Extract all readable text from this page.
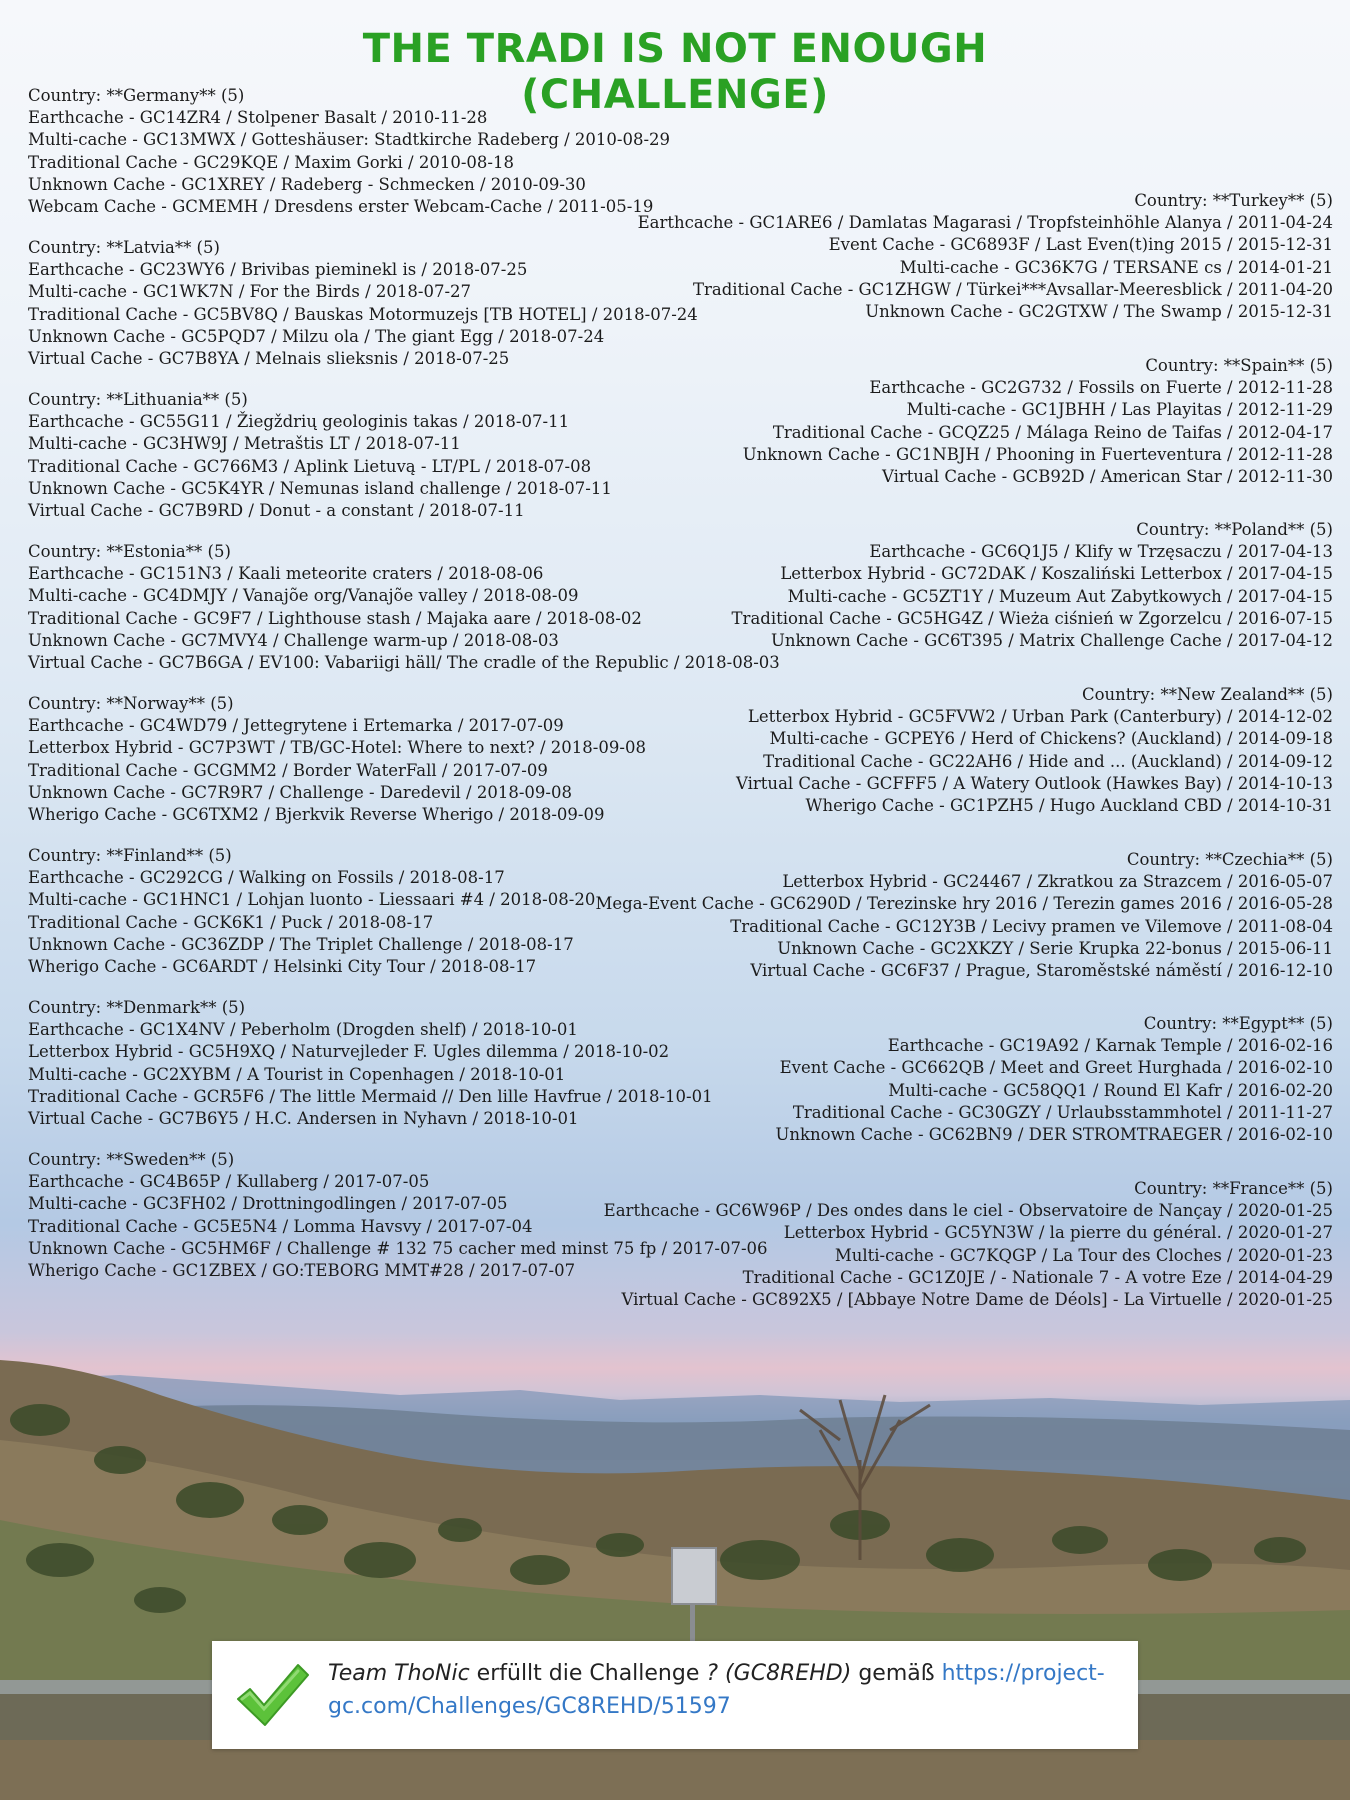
THE TRADI IS NOT ENOUGH
(CHALLENGE)
Country: **Germany** (5)
Earthcache - GC14ZR4 / Stolpener Basalt / 2010-11-28
Multi-cache - GC13MWX / Gotteshäuser: Stadtkirche Radeberg / 2010-08-29
Traditional Cache - GC29KQE / Maxim Gorki / 2010-08-18
Unknown Cache - GC1XREY / Radeberg - Schmecken / 2010-09-30
Webcam Cache - GCMEMH / Dresdens erster Webcam-Cache / 2011-05-19
Country: **Latvia** (5)
Earthcache - GC23WY6 / Brivibas pieminekl is / 2018-07-25
Multi-cache - GC1WK7N / For the Birds / 2018-07-27
Traditional Cache - GC5BV8Q / Bauskas Motormuzejs [TB HOTEL] / 2018-07-24
Unknown Cache - GC5PQD7 / Milzu ola / The giant Egg / 2018-07-24
Virtual Cache - GC7B8YA / Melnais slieksnis / 2018-07-25
Country: **Lithuania** (5)
Earthcache - GC55G11 / Žiegždrių geologinis takas / 2018-07-11
Multi-cache - GC3HW9J / Metraštis LT / 2018-07-11
Traditional Cache - GC766M3 / Aplink Lietuvą - LT/PL / 2018-07-08
Unknown Cache - GC5K4YR / Nemunas island challenge / 2018-07-11
Virtual Cache - GC7B9RD / Donut - a constant / 2018-07-11
Country: **Estonia** (5)
Earthcache - GC151N3 / Kaali meteorite craters / 2018-08-06
Multi-cache - GC4DMJY / Vanajõe org/Vanajõe valley / 2018-08-09
Traditional Cache - GC9F7 / Lighthouse stash / Majaka aare / 2018-08-02
Unknown Cache - GC7MVY4 / Challenge warm-up / 2018-08-03
Virtual Cache - GC7B6GA / EV100: Vabariigi häll/ The cradle of the Republic / 2018-08-03
Country: **Norway** (5)
Earthcache - GC4WD79 / Jettegrytene i Ertemarka / 2017-07-09
Letterbox Hybrid - GC7P3WT / TB/GC-Hotel: Where to next? / 2018-09-08
Traditional Cache - GCGMM2 / Border WaterFall / 2017-07-09
Unknown Cache - GC7R9R7 / Challenge - Daredevil / 2018-09-08
Wherigo Cache - GC6TXM2 / Bjerkvik Reverse Wherigo / 2018-09-09
Country: **Finland** (5)
Earthcache - GC292CG / Walking on Fossils / 2018-08-17
Multi-cache - GC1HNC1 / Lohjan luonto - Liessaari #4 / 2018-08-20
Traditional Cache - GCK6K1 / Puck / 2018-08-17
Unknown Cache - GC36ZDP / The Triplet Challenge / 2018-08-17
Wherigo Cache - GC6ARDT / Helsinki City Tour / 2018-08-17
Country: **Denmark** (5)
Earthcache - GC1X4NV / Peberholm (Drogden shelf) / 2018-10-01
Letterbox Hybrid - GC5H9XQ / Naturvejleder F. Ugles dilemma / 2018-10-02
Multi-cache - GC2XYBM / A Tourist in Copenhagen / 2018-10-01
Traditional Cache - GCR5F6 / The little Mermaid // Den lille Havfrue / 2018-10-01
Virtual Cache - GC7B6Y5 / H.C. Andersen in Nyhavn / 2018-10-01
Country: **Sweden** (5)
Earthcache - GC4B65P / Kullaberg / 2017-07-05
Multi-cache - GC3FH02 / Drottningodlingen / 2017-07-05
Traditional Cache - GC5E5N4 / Lomma Havsvy / 2017-07-04
Unknown Cache - GC5HM6F / Challenge # 132 75 cacher med minst 75 fp / 2017-07-06
Wherigo Cache - GC1ZBEX / GO:TEBORG MMT#28 / 2017-07-07
Country: **Turkey** (5)
Earthcache - GC1ARE6 / Damlatas Magarasi / Tropfsteinhöhle Alanya / 2011-04-24
Event Cache - GC6893F / Last Even(t)ing 2015 / 2015-12-31
Multi-cache - GC36K7G / TERSANE cs / 2014-01-21
Traditional Cache - GC1ZHGW / Türkei***Avsallar-Meeresblick / 2011-04-20
Unknown Cache - GC2GTXW / The Swamp / 2015-12-31
Country: **Spain** (5)
Earthcache - GC2G732 / Fossils on Fuerte / 2012-11-28
Multi-cache - GC1JBHH / Las Playitas / 2012-11-29
Traditional Cache - GCQZ25 / Málaga Reino de Taifas / 2012-04-17
Unknown Cache - GC1NBJH / Phooning in Fuerteventura / 2012-11-28
Virtual Cache - GCB92D / American Star / 2012-11-30
Country: **Poland** (5)
Earthcache - GC6Q1J5 / Klify w Trzęsaczu / 2017-04-13
Letterbox Hybrid - GC72DAK / Koszaliński Letterbox / 2017-04-15
Multi-cache - GC5ZT1Y / Muzeum Aut Zabytkowych / 2017-04-15
Traditional Cache - GC5HG4Z / Wieża ciśnień w Zgorzelcu / 2016-07-15
Unknown Cache - GC6T395 / Matrix Challenge Cache / 2017-04-12
Country: **New Zealand** (5)
Letterbox Hybrid - GC5FVW2 / Urban Park (Canterbury) / 2014-12-02
Multi-cache - GCPEY6 / Herd of Chickens? (Auckland) / 2014-09-18
Traditional Cache - GC22AH6 / Hide and ... (Auckland) / 2014-09-12
Virtual Cache - GCFFF5 / A Watery Outlook (Hawkes Bay) / 2014-10-13
Wherigo Cache - GC1PZH5 / Hugo Auckland CBD / 2014-10-31
Country: **Czechia** (5)
Letterbox Hybrid - GC24467 / Zkratkou za Strazcem / 2016-05-07
Mega-Event Cache - GC6290D / Terezinske hry 2016 / Terezin games 2016 / 2016-05-28
Traditional Cache - GC12Y3B / Lecivy pramen ve Vilemove / 2011-08-04
Unknown Cache - GC2XKZY / Serie Krupka 22-bonus / 2015-06-11
Virtual Cache - GC6F37 / Prague, Staroměstské náměstí / 2016-12-10
Country: **Egypt** (5)
Earthcache - GC19A92 / Karnak Temple / 2016-02-16
Event Cache - GC662QB / Meet and Greet Hurghada / 2016-02-10
Multi-cache - GC58QQ1 / Round El Kafr / 2016-02-20
Traditional Cache - GC30GZY / Urlaubsstammhotel / 2011-11-27
Unknown Cache - GC62BN9 / DER STROMTRAEGER / 2016-02-10
Country: **France** (5)
Earthcache - GC6W96P / Des ondes dans le ciel - Observatoire de Nançay / 2020-01-25
Letterbox Hybrid - GC5YN3W / la pierre du général. / 2020-01-27
Multi-cache - GC7KQGP / La Tour des Cloches / 2020-01-23
Traditional Cache - GC1Z0JE / - Nationale 7 - A votre Eze / 2014-04-29
Virtual Cache - GC892X5 / [Abbaye Notre Dame de Déols] - La Virtuelle / 2020-01-25
Team ThoNic erfüllt die Challenge ? (GC8REHD) gemäß https://project-gc.com/Challenges/GC8REHD/51597
